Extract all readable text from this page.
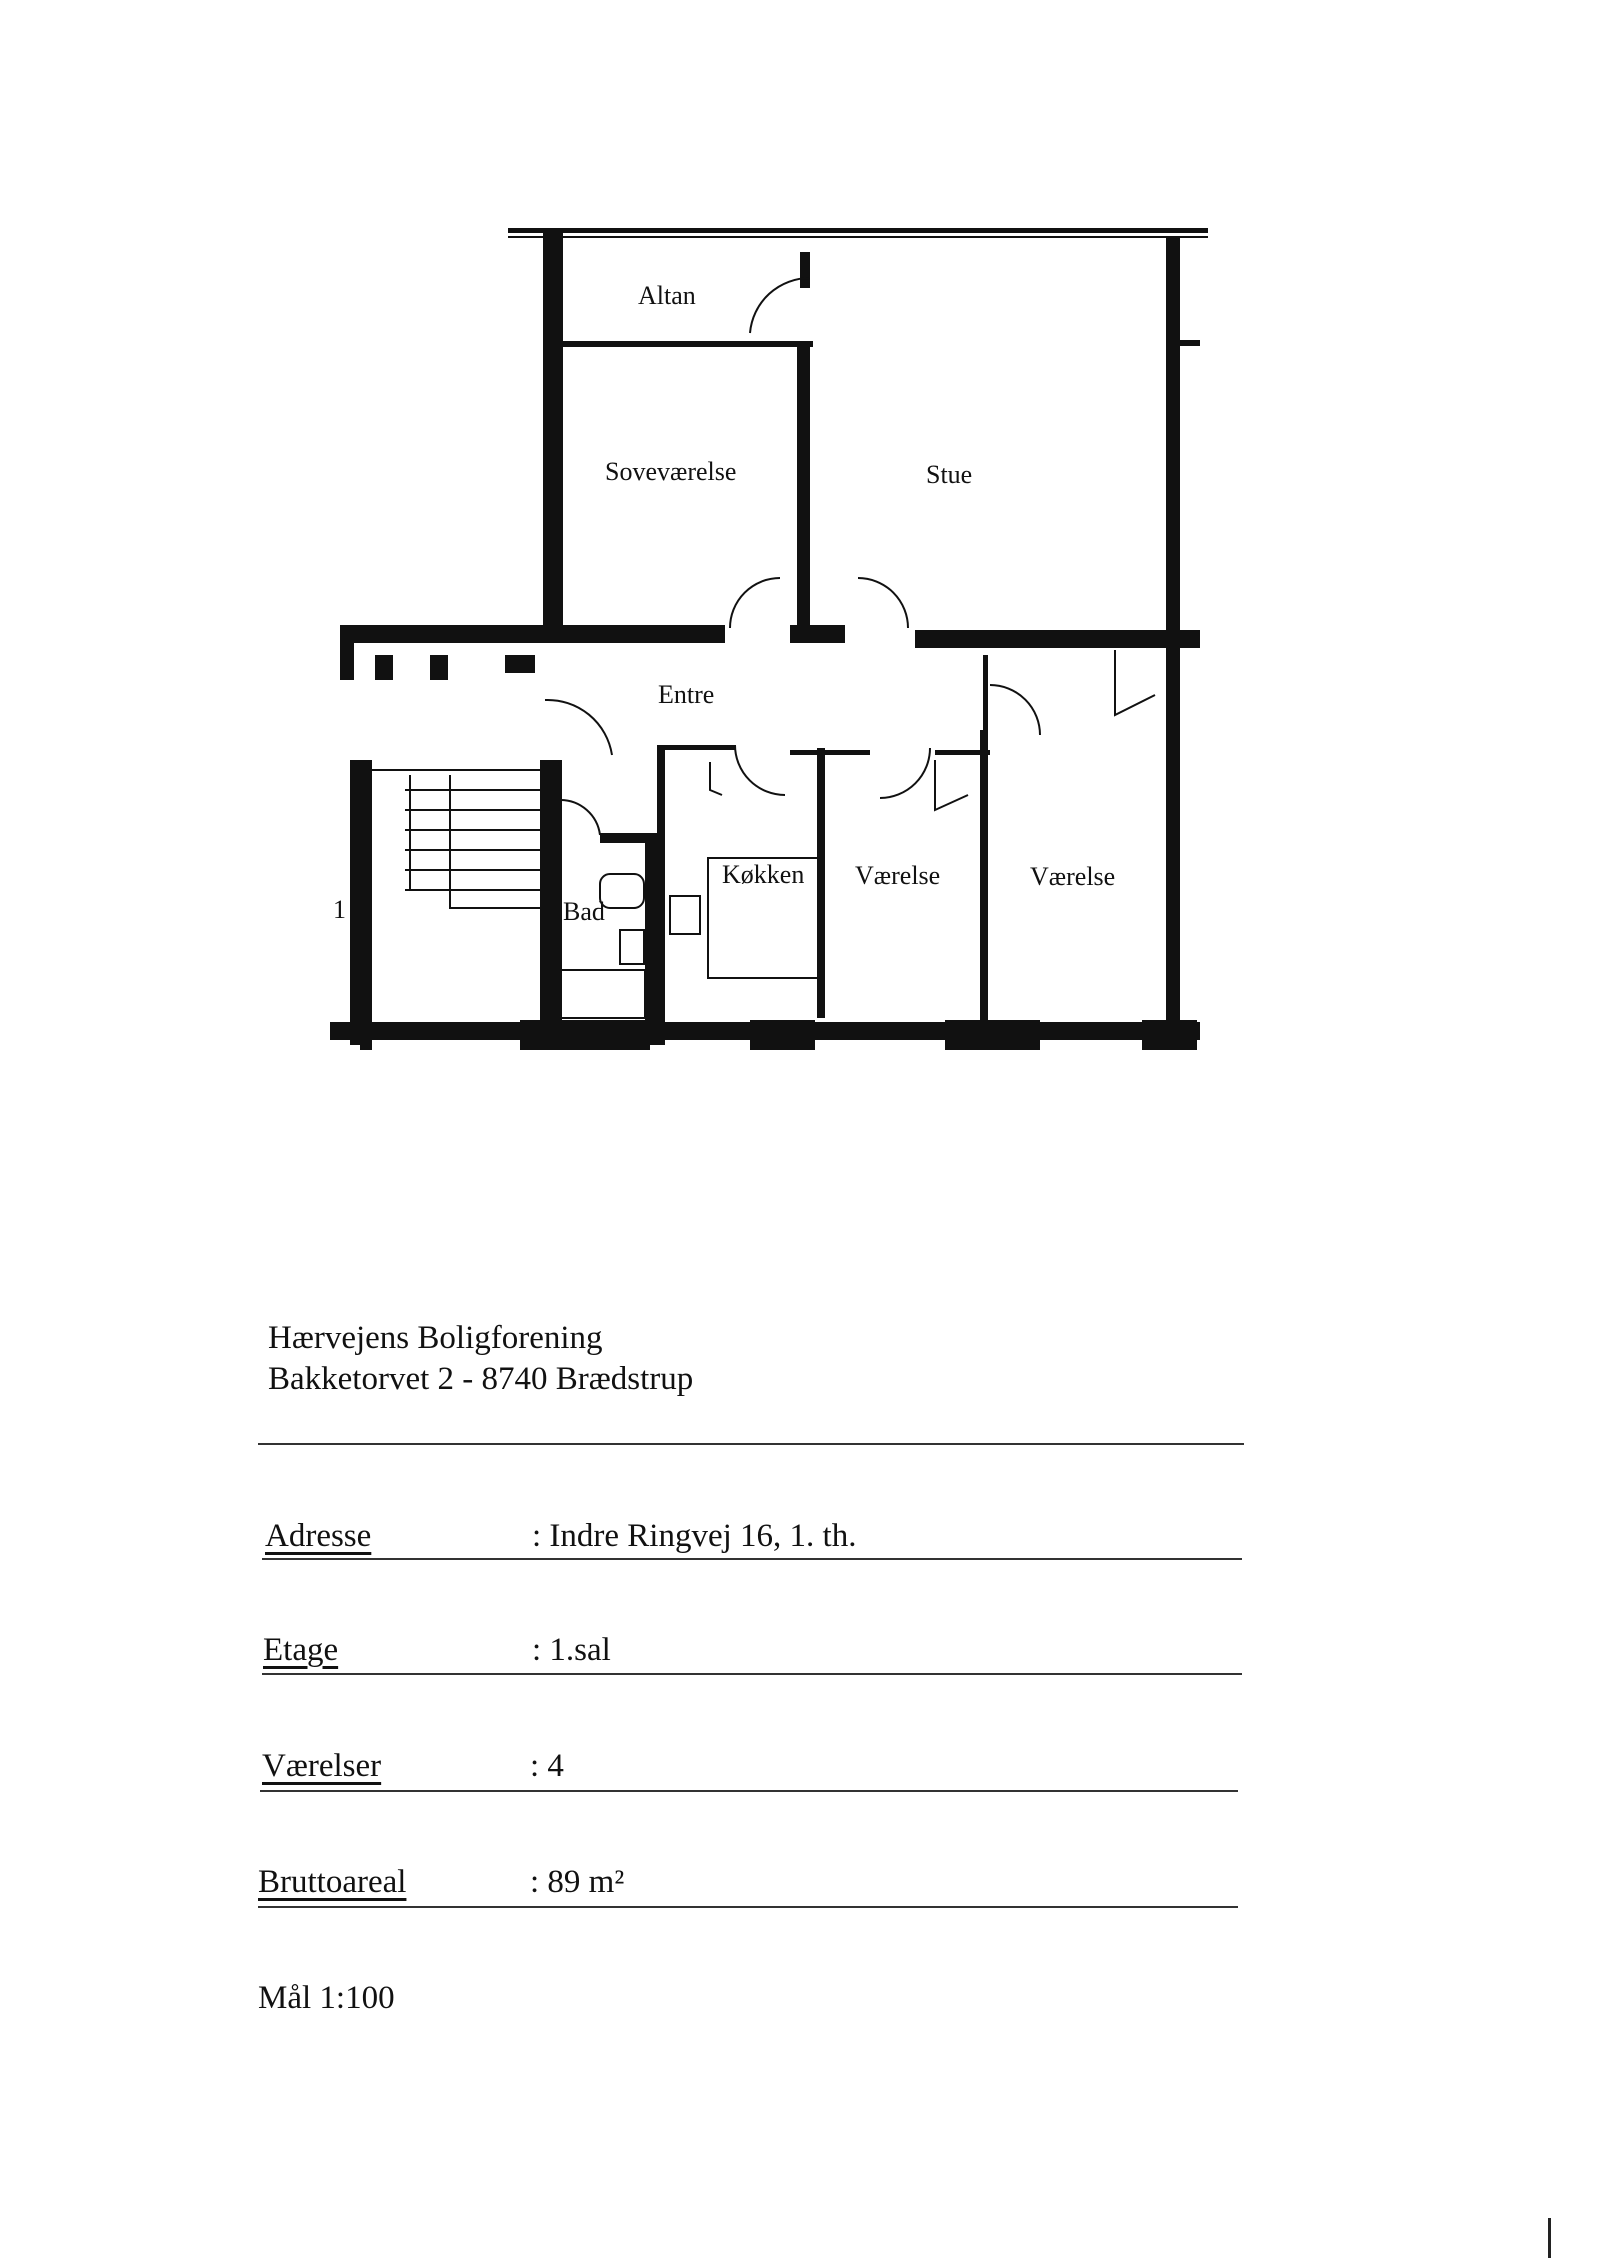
Altan
Soveværelse	Stue
Entre
Køkken Værelse	Værelse
Bad
1
Hærvejens Boligforening
Bakketorvet 2 - 8740 Brædstrup
Adresse	: Indre Ringvej 16, 1. th.
Etage	: 1.sal
Værelser	: 4
Bruttoareal	: 89 m²
Mål 1:100
